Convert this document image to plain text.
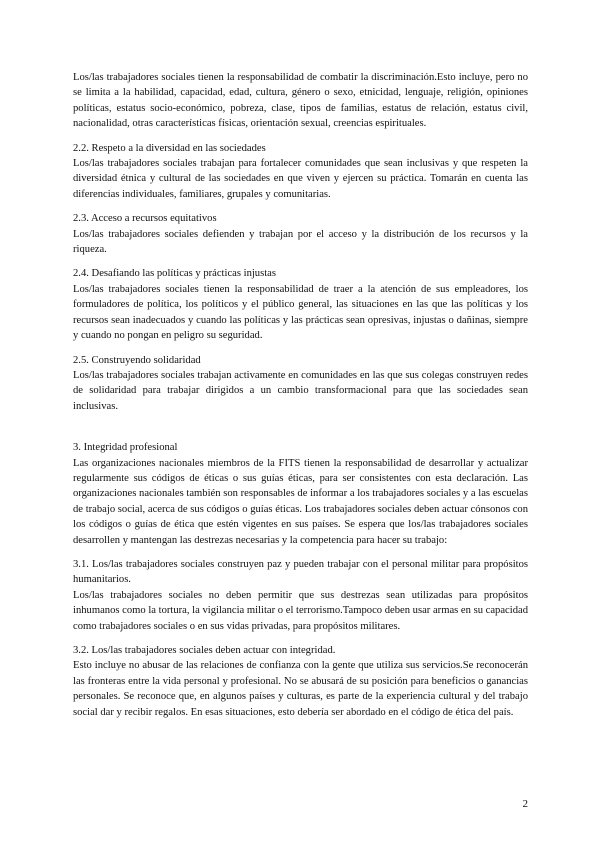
Los/las trabajadores sociales tienen la responsabilidad de combatir la discriminación.Esto incluye, pero no se limita a la habilidad, capacidad, edad, cultura, género o sexo, etnicidad, lenguaje, religión, opiniones políticas, estatus socio-económico, pobreza, clase, tipos de familias, estatus de relación, estatus civil, nacionalidad, otras características físicas, orientación sexual, creencias espirituales.

2.2. Respeto a la diversidad en las sociedades

Los/las trabajadores sociales trabajan para fortalecer comunidades que sean inclusivas y que respeten la diversidad étnica y cultural de las sociedades en que viven y ejercen su práctica. Tomarán en cuenta las diferencias individuales, familiares, grupales y comunitarias.

2.3. Acceso a recursos equitativos

Los/las trabajadores sociales defienden y trabajan por el acceso y la distribución de los recursos y la riqueza.

2.4. Desafiando las políticas y prácticas injustas

Los/las trabajadores sociales tienen la responsabilidad de traer a la atención de sus empleadores, los formuladores de política, los políticos y el público general, las situaciones en las que las políticas y los recursos sean inadecuados y cuando las políticas y las prácticas sean opresivas, injustas o dañinas, siempre y cuando no pongan en peligro su seguridad.

2.5. Construyendo solidaridad

Los/las trabajadores sociales trabajan activamente en comunidades en las que sus colegas construyen redes de solidaridad para trabajar dirigidos a un cambio transformacional para que las sociedades sean inclusivas.

3. Integridad profesional

Las organizaciones nacionales miembros de la FITS tienen la responsabilidad de desarrollar y actualizar regularmente sus códigos de éticas o sus guías éticas, para ser consistentes con esta declaración. Las organizaciones nacionales también son responsables de informar a los trabajadores sociales y a las escuelas de trabajo social, acerca de sus códigos o guías éticas. Los trabajadores sociales deben actuar cónsonos con los códigos o guías de ética que estén vigentes en sus países. Se espera que los/las trabajadores sociales desarrollen y mantengan las destrezas necesarias y la competencia para hacer su trabajo:

3.1. Los/las trabajadores sociales construyen paz y pueden trabajar con el personal militar para propósitos humanitarios.
Los/las trabajadores sociales no deben permitir que sus destrezas sean utilizadas para propósitos inhumanos como la tortura, la vigilancia militar o el terrorismo.Tampoco deben usar armas en su capacidad como trabajadores sociales o en sus vidas privadas, para propósitos militares.

3.2. Los/las trabajadores sociales deben actuar con integridad.

Esto incluye no abusar de las relaciones de confianza con la gente que utiliza sus servicios.Se reconocerán las fronteras entre la vida personal y profesional. No se abusará de su posición para beneficios o ganancias personales. Se reconoce que, en algunos países y culturas, es parte de la experiencia cultural y del trabajo social dar y recibir regalos. En esas situaciones, esto debería ser abordado en el código de ética del país.

2
